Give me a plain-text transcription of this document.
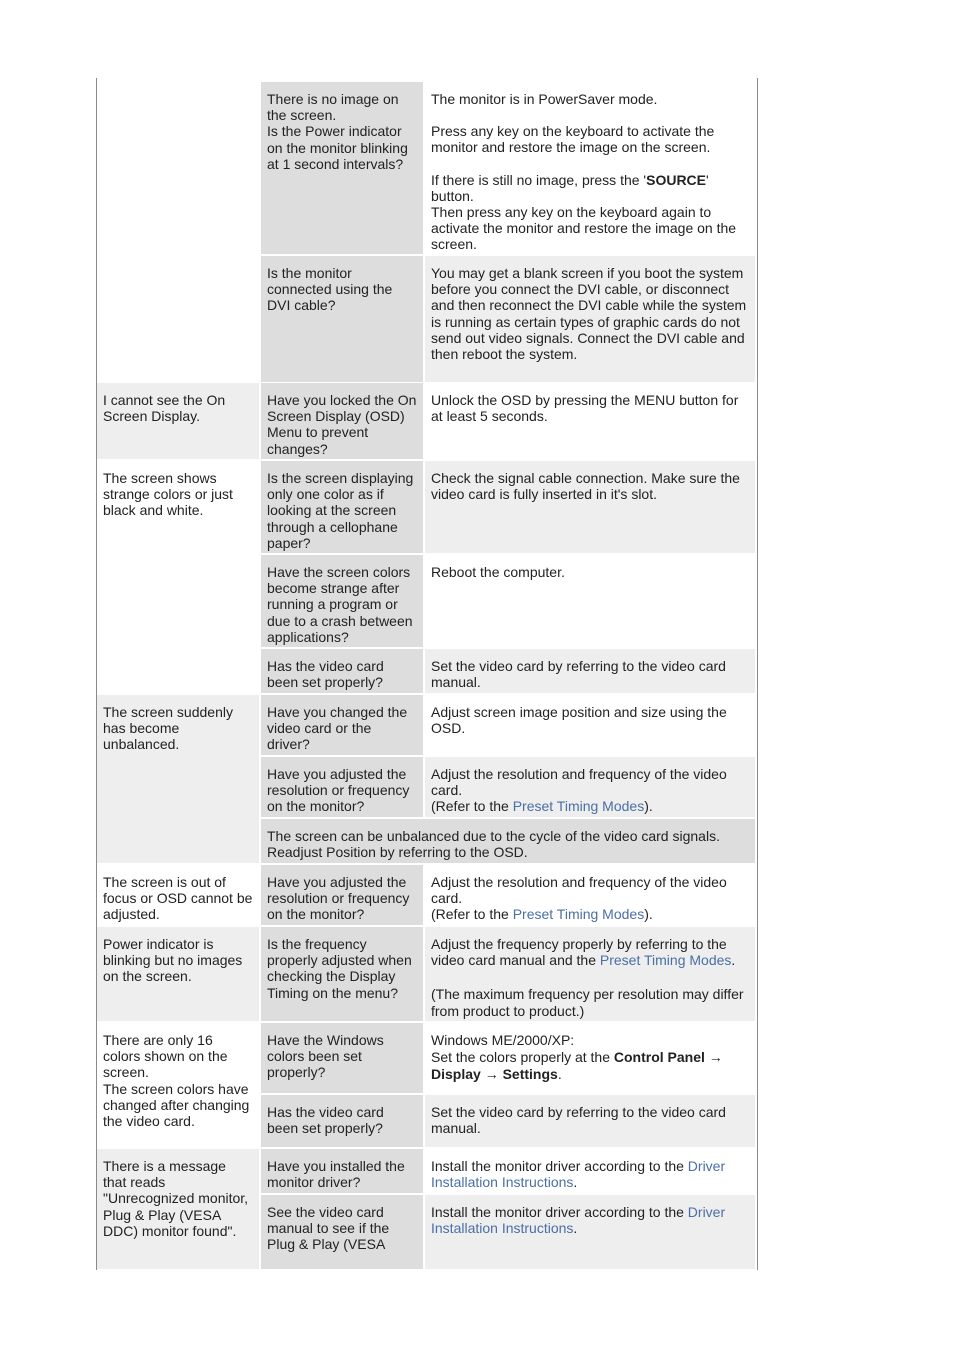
There is no image on the screen.
Is the Power indicator on the monitor blinking at 1 second intervals?
The monitor is in PowerSaver mode.
Press any key on the keyboard to activate the monitor and restore the image on the screen.
If there is still no image, press the 'SOURCE' button.
Then press any key on the keyboard again to activate the monitor and restore the image on the screen.
Is the monitor connected using the DVI cable?
You may get a blank screen if you boot the system before you connect the DVI cable, or disconnect and then reconnect the DVI cable while the system is running as certain types of graphic cards do not send out video signals. Connect the DVI cable and then reboot the system.
I cannot see the On Screen Display.
Have you locked the On Screen Display (OSD) Menu to prevent changes?
Unlock the OSD by pressing the MENU button for at least 5 seconds.
The screen shows strange colors or just black and white.
Is the screen displaying only one color as if looking at the screen through a cellophane paper?
Check the signal cable connection. Make sure the video card is fully inserted in it's slot.
Have the screen colors become strange after running a program or due to a crash between applications?
Reboot the computer.
Has the video card been set properly?
Set the video card by referring to the video card manual.
The screen suddenly has become unbalanced.
Have you changed the video card or the driver?
Adjust screen image position and size using the OSD.
Have you adjusted the resolution or frequency on the monitor?
Adjust the resolution and frequency of the video card.
(Refer to the Preset Timing Modes).
The screen can be unbalanced due to the cycle of the video card signals. Readjust Position by referring to the OSD.
The screen is out of focus or OSD cannot be adjusted.
Have you adjusted the resolution or frequency on the monitor?
Adjust the resolution and frequency of the video card.
(Refer to the Preset Timing Modes).
Power indicator is blinking but no images on the screen.
Is the frequency properly adjusted when checking the Display Timing on the menu?
Adjust the frequency properly by referring to the video card manual and the Preset Timing Modes.
(The maximum frequency per resolution may differ from product to product.)
There are only 16 colors shown on the screen.
The screen colors have changed after changing the video card.
Have the Windows colors been set properly?
Windows ME/2000/XP:
Set the colors properly at the Control Panel → Display → Settings.
Has the video card been set properly?
Set the video card by referring to the video card manual.
There is a message that reads "Unrecognized monitor, Plug & Play (VESA DDC) monitor found".
Have you installed the monitor driver?
Install the monitor driver according to the Driver Installation Instructions.
See the video card manual to see if the Plug & Play (VESA
Install the monitor driver according to the Driver Installation Instructions.
